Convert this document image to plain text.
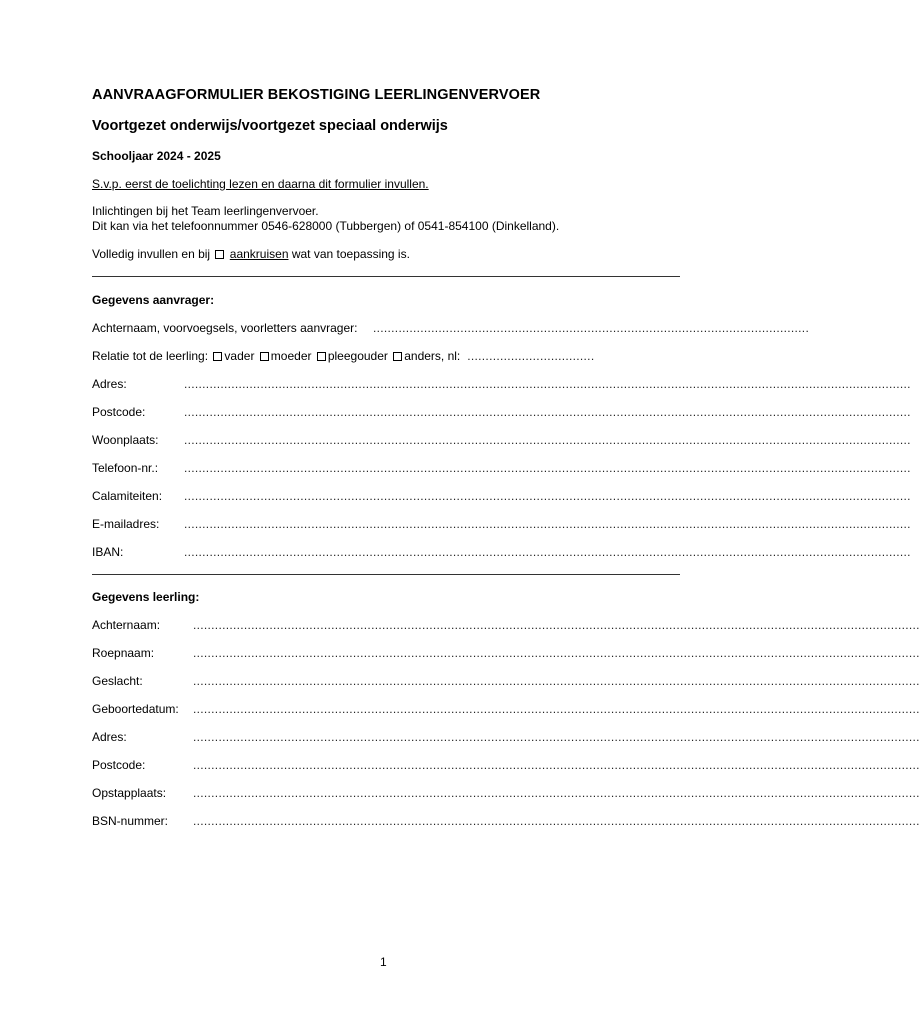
AANVRAAGFORMULIER BEKOSTIGING LEERLINGENVERVOER
Voortgezet onderwijs/voortgezet speciaal onderwijs
Schooljaar 2024 - 2025
S.v.p. eerst de toelichting lezen en daarna dit formulier invullen.
Inlichtingen bij het Team leerlingenvervoer.
Dit kan via het telefoonnummer 0546-628000 (Tubbergen) of 0541-854100 (Dinkelland).
Volledig invullen en bij aankruisen wat van toepassing is.
Gegevens aanvrager:
Achternaam, voorvoegsels, voorletters aanvrager: ........................................................................................................................
Relatie tot de leerling: vader moeder pleegouder anders, nl:  ...................................
Adres:	........................................................................................................................................................................................................
Postcode:	........................................................................................................................................................................................................
Woonplaats: ........................................................................................................................................................................................................
Telefoon-nr.: ........................................................................................................................................................................................................
Calamiteiten: ........................................................................................................................................................................................................
E-mailadres: ........................................................................................................................................................................................................
IBAN:	........................................................................................................................................................................................................
Gegevens leerling:
Achternaam:	........................................................................................................................................................................................................
Roepnaam:	........................................................................................................................................................................................................
Geslacht:	........................................................................................................................................................................................................
Geboortedatum: ........................................................................................................................................................................................................
Adres:	........................................................................................................................................................................................................
Postcode:	........................................................................................................................................................................................................
Opstapplaats: ........................................................................................................................................................................................................
BSN-nummer: ........................................................................................................................................................................................................
1
